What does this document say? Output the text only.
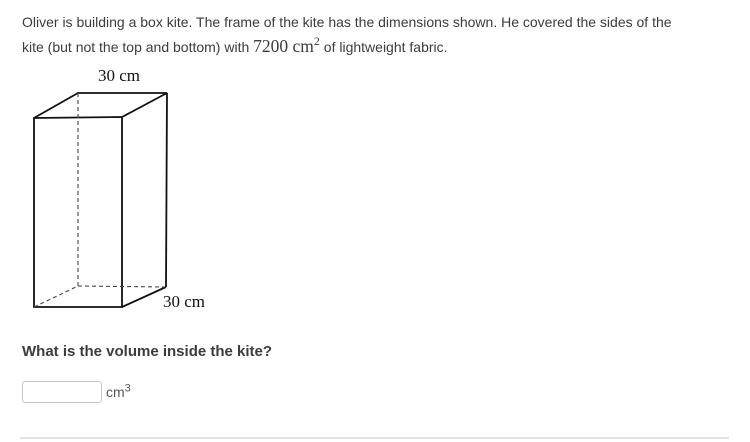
Oliver is building a box kite. The frame of the kite has the dimensions shown. He covered the sides of the
kite (but not the top and bottom) with 7200 $cm^2$ of lightweight fabric.

30 cm
30 cm

What is the volume inside the kite?

$cm^3$
